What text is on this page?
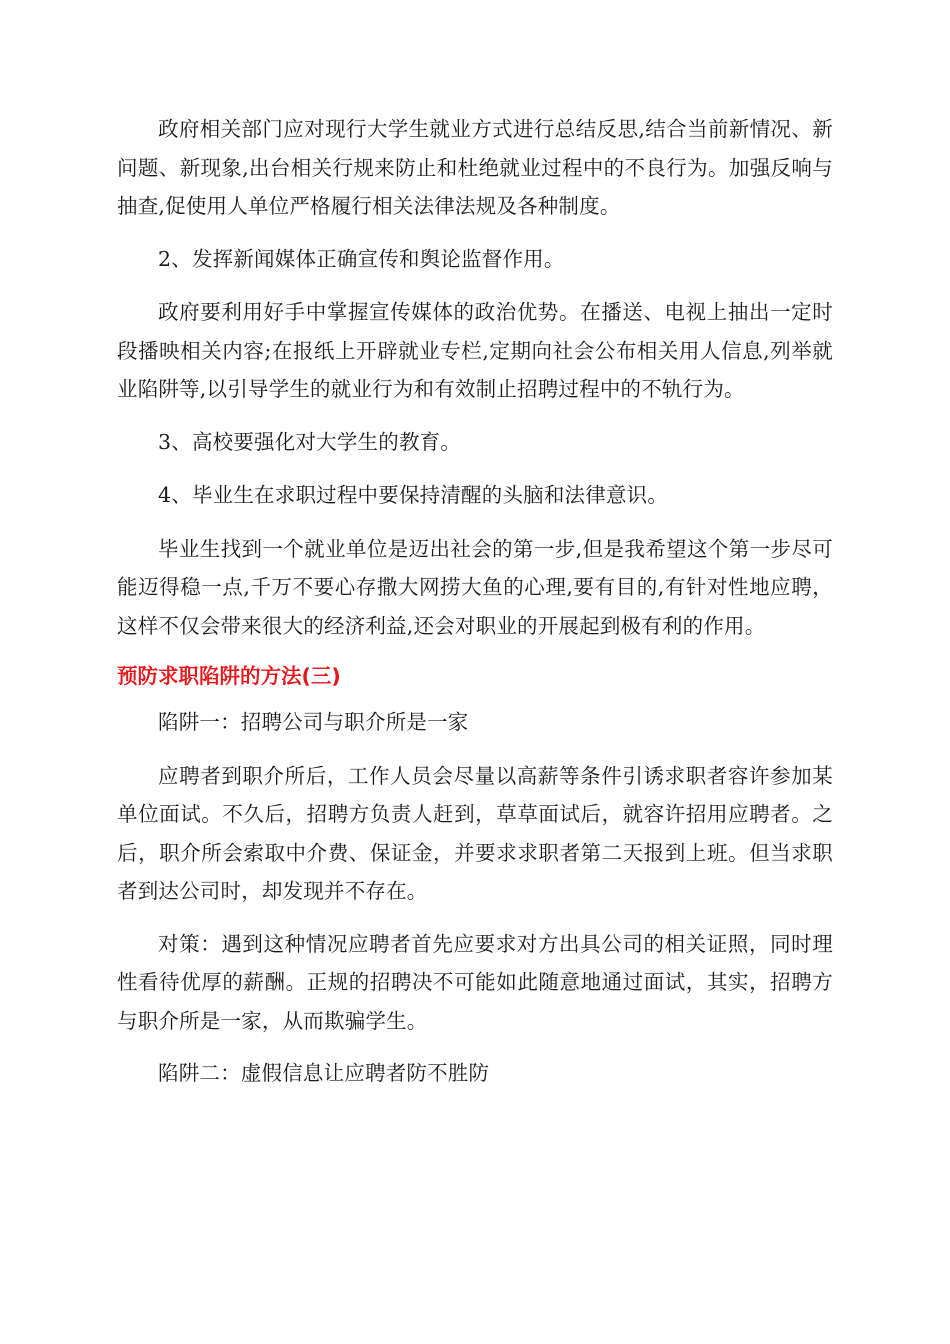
政府相关部门应对现行大学生就业方式进行总结反思,结合当前新情况、新问题、新现象,出台相关行规来防止和杜绝就业过程中的不良行为。加强反响与抽查,促使用人单位严格履行相关法律法规及各种制度。

2、发挥新闻媒体正确宣传和舆论监督作用。

政府要利用好手中掌握宣传媒体的政治优势。在播送、电视上抽出一定时段播映相关内容;在报纸上开辟就业专栏,定期向社会公布相关用人信息,列举就业陷阱等,以引导学生的就业行为和有效制止招聘过程中的不轨行为。

3、高校要强化对大学生的教育。

4、毕业生在求职过程中要保持清醒的头脑和法律意识。

毕业生找到一个就业单位是迈出社会的第一步,但是我希望这个第一步尽可能迈得稳一点,千万不要心存撒大网捞大鱼的心理,要有目的,有针对性地应聘，这样不仅会带来很大的经济利益,还会对职业的开展起到极有利的作用。

预防求职陷阱的方法(三)

陷阱一：招聘公司与职介所是一家

应聘者到职介所后，工作人员会尽量以高薪等条件引诱求职者容许参加某单位面试。不久后，招聘方负责人赶到，草草面试后，就容许招用应聘者。之后，职介所会索取中介费、保证金，并要求求职者第二天报到上班。但当求职者到达公司时，却发现并不存在。

对策：遇到这种情况应聘者首先应要求对方出具公司的相关证照，同时理性看待优厚的薪酬。正规的招聘决不可能如此随意地通过面试，其实，招聘方与职介所是一家，从而欺骗学生。

陷阱二：虚假信息让应聘者防不胜防
